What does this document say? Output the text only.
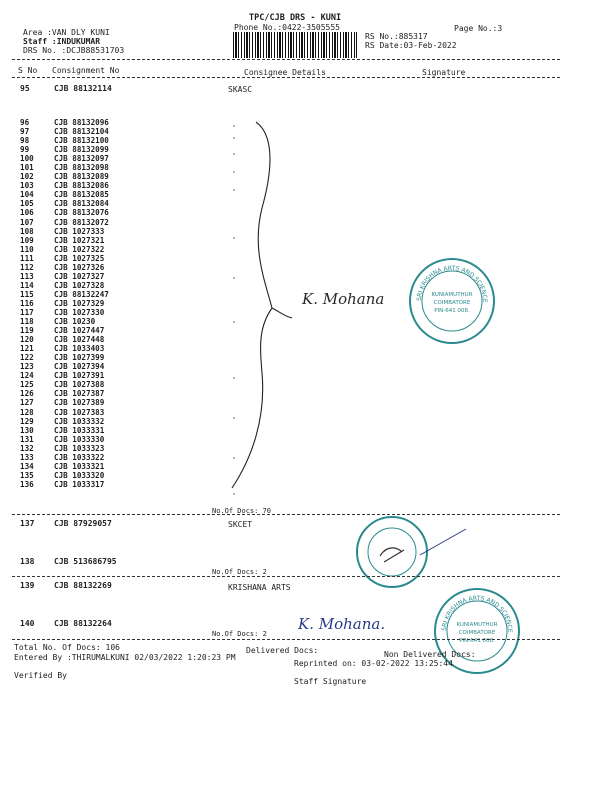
TPC/CJB DRS - KUNI
Phone No.:0422-3505555	Page No.:3
Area :VAN DLY KUNI
Staff :INDUKUMAR
DRS No. :DCJB88531703
RS No.:885317
RS Date:03-Feb-2022
S No Consignment No	Consignee Details	Signature
95	CJB 88132114	SKASC
96	CJB 88132096
97	CJB 88132104
98	CJB 88132100
99	CJB 88132099
100	CJB 88132097
101	CJB 88132098
102	CJB 88132089
103	CJB 88132086
104	CJB 88132085
105	CJB 88132084
106	CJB 88132076
107	CJB 88132072
108	CJB 1027333
109	CJB 1027321
110	CJB 1027322
111	CJB 1027325
112	CJB 1027326
113	CJB 1027327
114	CJB 1027328
115	CJB 88132247
116	CJB 1027329
117	CJB 1027330
118	CJB 10230
119	CJB 1027447
120	CJB 1027448
121	CJB 1033403
122	CJB 1027399
123	CJB 1027394
124	CJB 1027391
125	CJB 1027388
126	CJB 1027387
127	CJB 1027389
128	CJB 1027383
129	CJB 1033332
130	CJB 1033331
131	CJB 1033330
132	CJB 1033323
133	CJB 1033322
134	CJB 1033321
135	CJB 1033320
136	CJB 1033317
K. Mohana	KUNIAMUTHUR
COIMBATORE
PIN-641 008.
SRI KRISHNA ARTS AND SCIENCE
No.Of Docs: 70
137 CJB 87929057	SKCET
138 CJB 513686795
No.Of Docs: 2
139 CJB 88132269	KRISHANA ARTS
KUNIAMUTHUR
COIMBATORE
PIN-641 008.
SRI KRISHNA ARTS AND SCIENCE
140 CJB 88132264	K. Mohana.
No.Of Docs: 2
Total No. Of Docs: 106	Delivered Docs:	Non Delivered Docs:
Entered By :THIRUMALKUNI 02/03/2022 1:20:23 PM
Reprinted on: 03-02-2022 13:25:44
Verified By
Staff Signature
